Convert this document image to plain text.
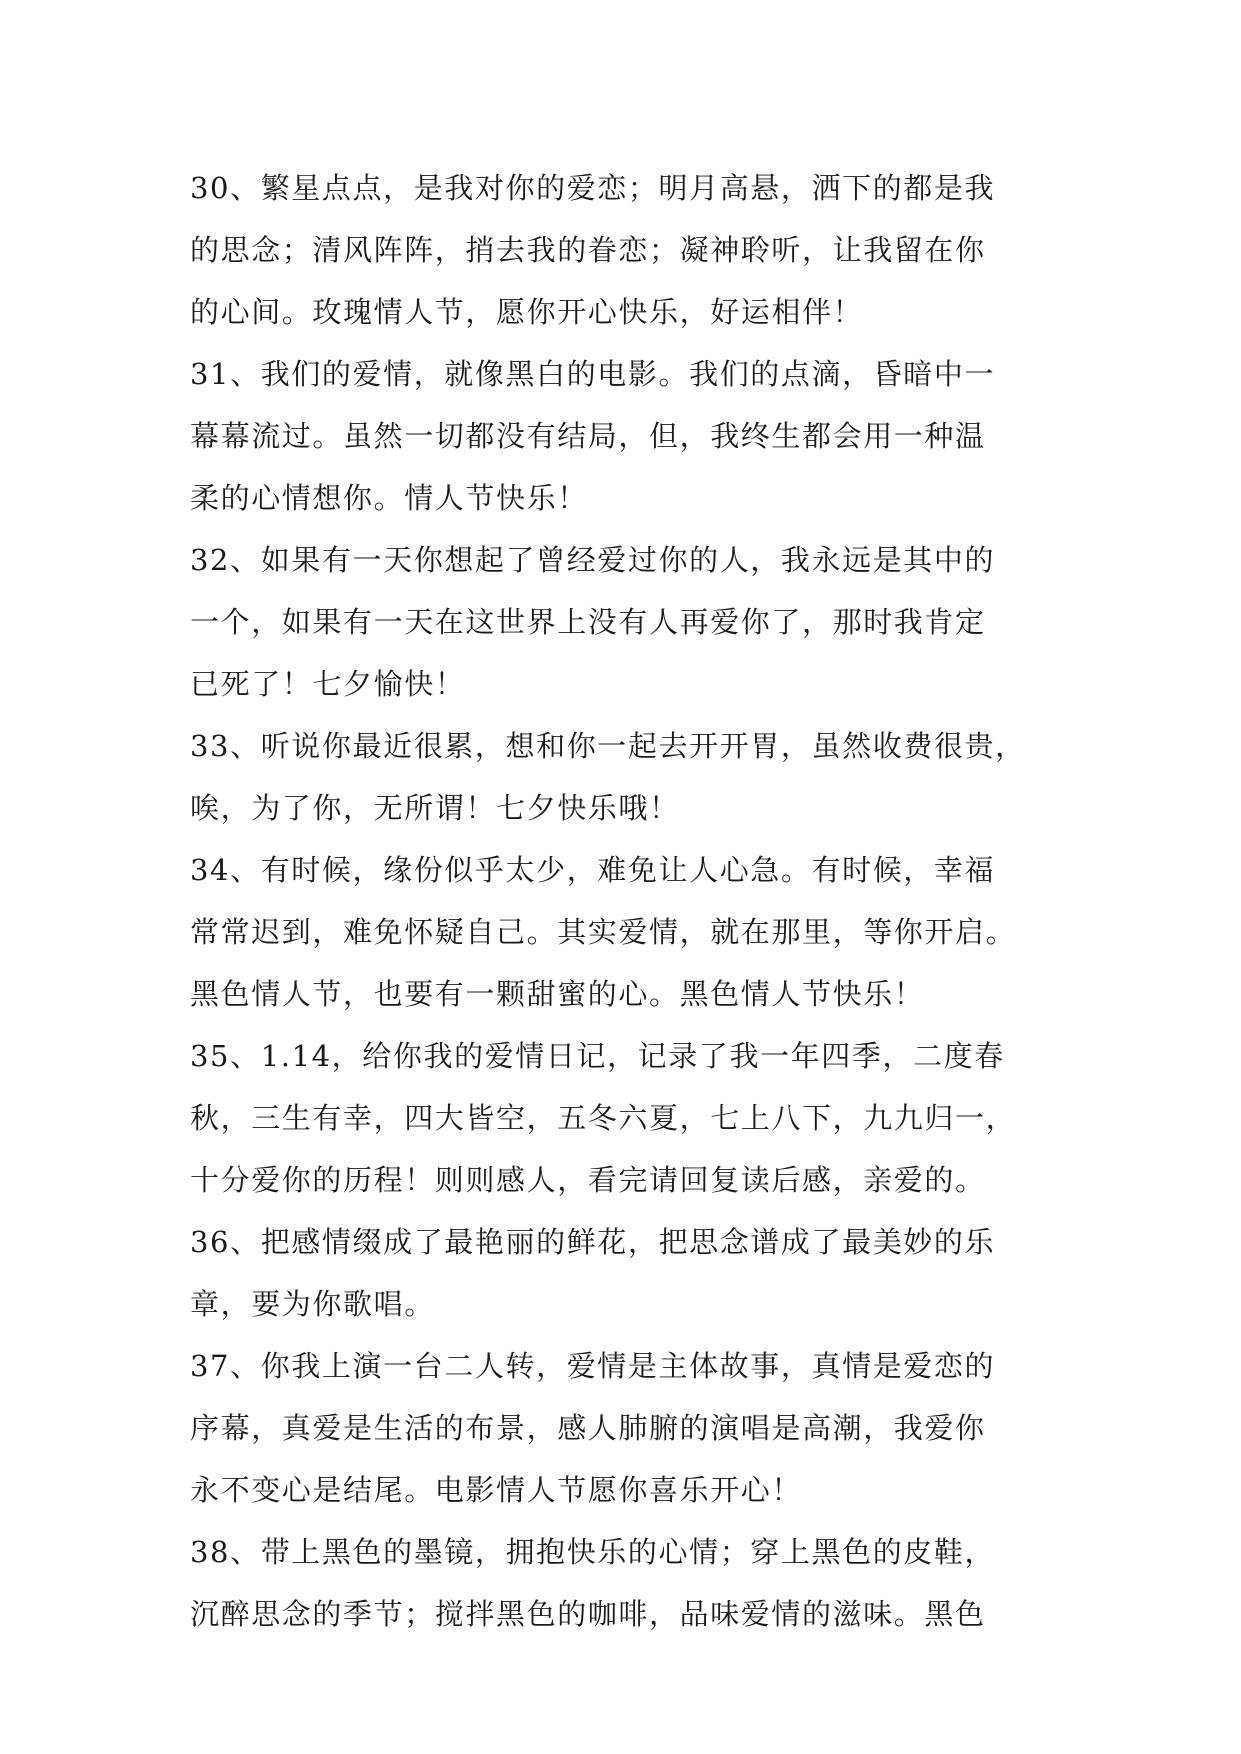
30、繁星点点，是我对你的爱恋；明月高悬，洒下的都是我
的思念；清风阵阵，捎去我的眷恋；凝神聆听，让我留在你
的心间。玫瑰情人节，愿你开心快乐，好运相伴！
31、我们的爱情，就像黑白的电影。我们的点滴，昏暗中一
幕幕流过。虽然一切都没有结局，但，我终生都会用一种温
柔的心情想你。情人节快乐！
32、如果有一天你想起了曾经爱过你的人，我永远是其中的
一个，如果有一天在这世界上没有人再爱你了，那时我肯定
已死了！七夕愉快！
33、听说你最近很累，想和你一起去开开胃，虽然收费很贵，
唉，为了你，无所谓！七夕快乐哦！
34、有时候，缘份似乎太少，难免让人心急。有时候，幸福
常常迟到，难免怀疑自己。其实爱情，就在那里，等你开启。
黑色情人节，也要有一颗甜蜜的心。黑色情人节快乐！
35、1.14，给你我的爱情日记，记录了我一年四季，二度春
秋，三生有幸，四大皆空，五冬六夏，七上八下，九九归一，
十分爱你的历程！则则感人，看完请回复读后感，亲爱的。
36、把感情缀成了最艳丽的鲜花，把思念谱成了最美妙的乐
章，要为你歌唱。
37、你我上演一台二人转，爱情是主体故事，真情是爱恋的
序幕，真爱是生活的布景，感人肺腑的演唱是高潮，我爱你
永不变心是结尾。电影情人节愿你喜乐开心！
38、带上黑色的墨镜，拥抱快乐的心情；穿上黑色的皮鞋，
沉醉思念的季节；搅拌黑色的咖啡，品味爱情的滋味。黑色
